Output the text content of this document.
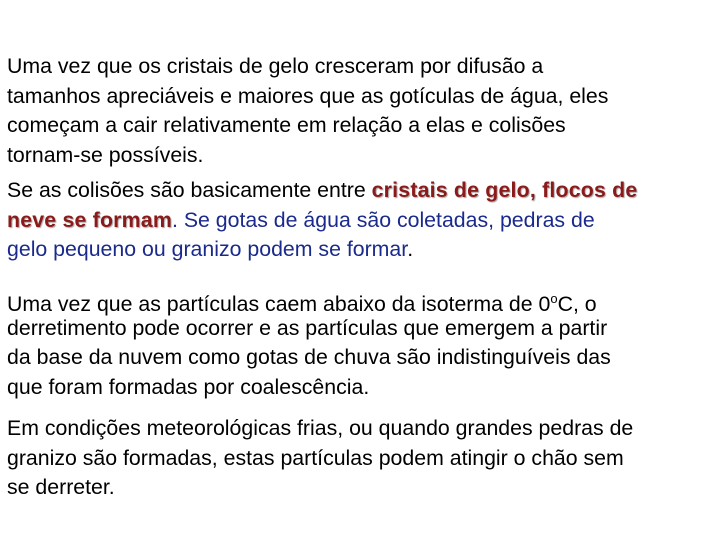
Uma vez que os cristais de gelo cresceram por difusão a
tamanhos apreciáveis e maiores que as gotículas de água, eles
começam a cair relativamente em relação a elas e colisões
tornam-se possíveis.

Se as colisões são basicamente entre cristais de gelo, flocos de
neve se formam. Se gotas de água são coletadas, pedras de
gelo pequeno ou granizo podem se formar.

Uma vez que as partículas caem abaixo da isoterma de 0$^o$C, o
derretimento pode ocorrer e as partículas que emergem a partir
da base da nuvem como gotas de chuva são indistinguíveis das
que foram formadas por coalescência.

Em condições meteorológicas frias, ou quando grandes pedras de
granizo são formadas, estas partículas podem atingir o chão sem
se derreter.
